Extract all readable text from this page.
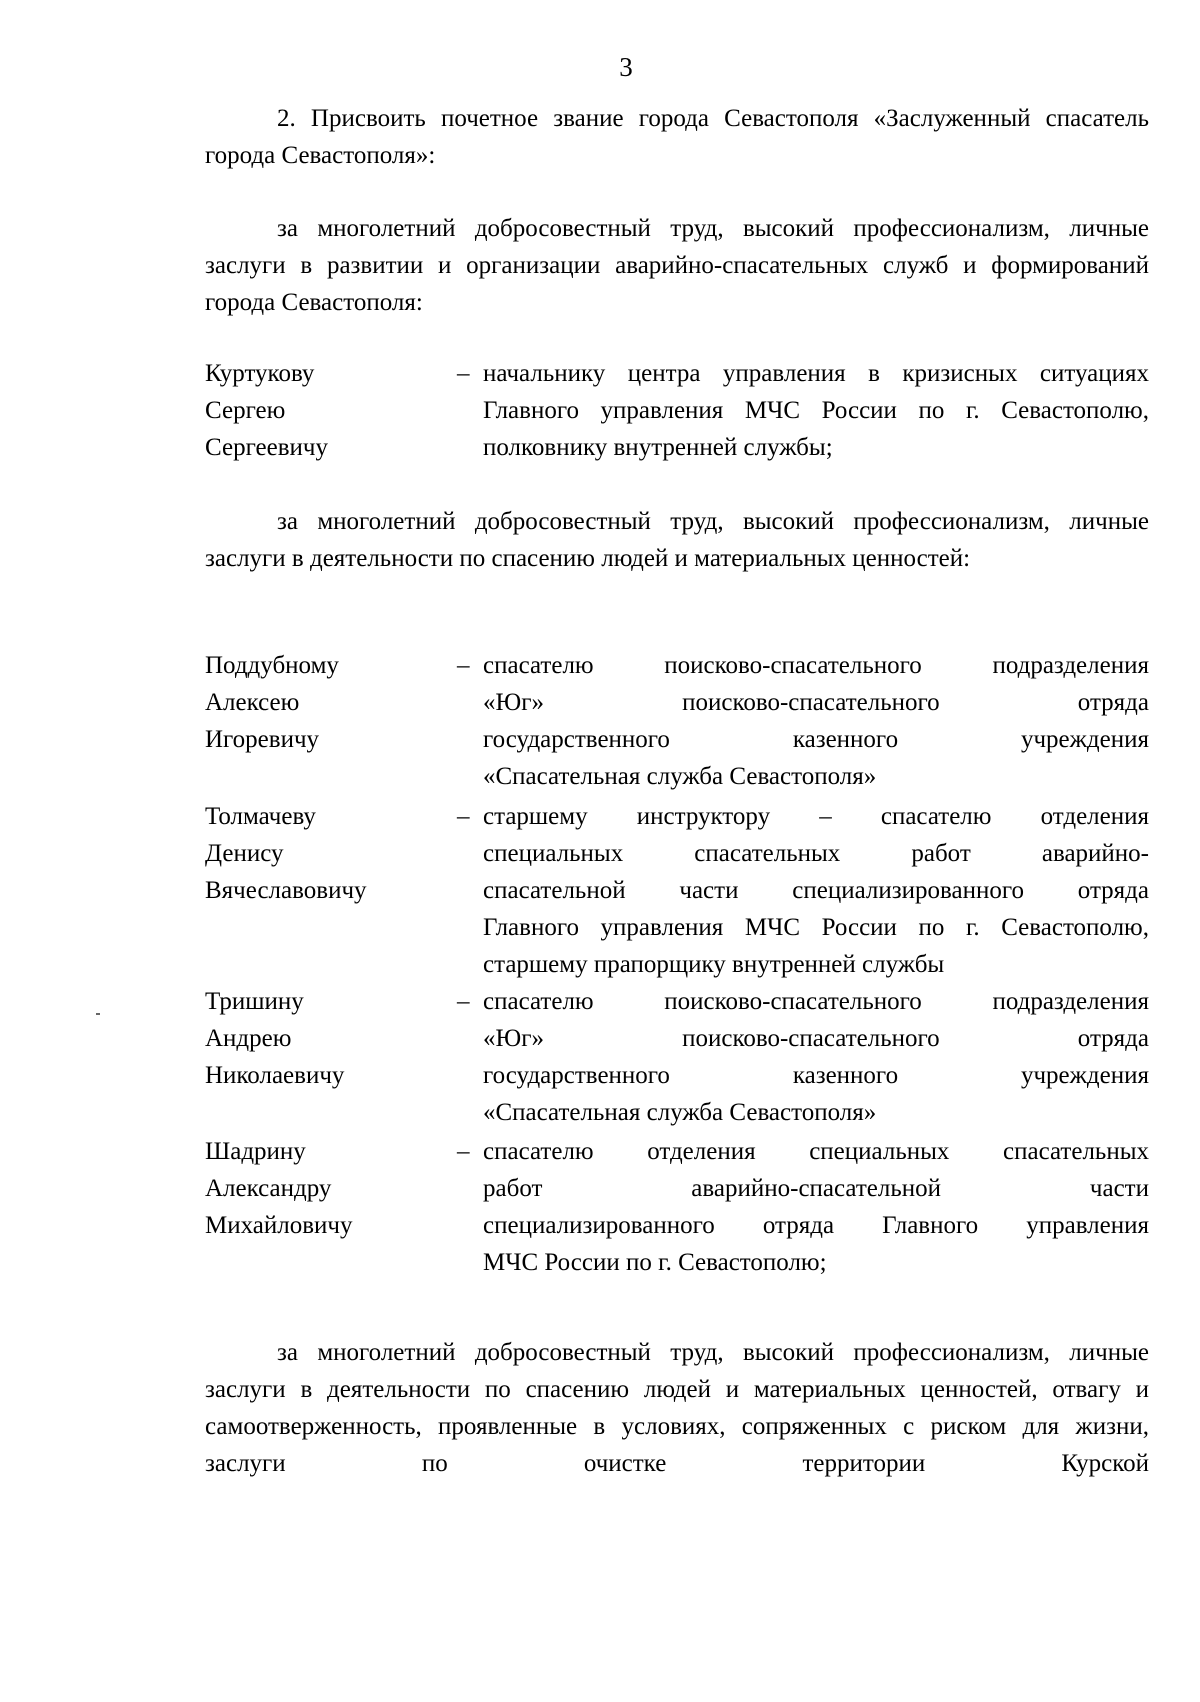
3

2. Присвоить почетное звание города Севастополя «Заслуженный спасатель города Севастополя»:

за многолетний добросовестный труд, высокий профессионализм, личные заслуги в развитии и организации аварийно-спасательных служб и формирований города Севастополя:

Куртукову
Сергею
Сергеевичу
– начальнику центра управления в кризисных ситуациях
Главного управления МЧС России по г. Севастополю,
полковнику внутренней службы;

за многолетний добросовестный труд, высокий профессионализм, личные заслуги в деятельности по спасению людей и материальных ценностей:

Поддубному
Алексею
Игоревичу
– спасателю поисково-спасательного подразделения
«Юг» поисково-спасательного отряда
государственного казенного учреждения
«Спасательная служба Севастополя»
Толмачеву
Денису
Вячеславовичу
– старшему инструктору – спасателю отделения
специальных спасательных работ аварийно-
спасательной части специализированного отряда
Главного управления МЧС России по г. Севастополю,
старшему прапорщику внутренней службы
Тришину
Андрею
Николаевичу
– спасателю поисково-спасательного подразделения
«Юг» поисково-спасательного отряда
государственного казенного учреждения
«Спасательная служба Севастополя»
Шадрину
Александру
Михайловичу
– спасателю отделения специальных спасательных
работ аварийно-спасательной части
специализированного отряда Главного управления
МЧС России по г. Севастополю;

за многолетний добросовестный труд, высокий профессионализм, личные заслуги в деятельности по спасению людей и материальных ценностей, отвагу и самоотверженность, проявленные в условиях, сопряженных с риском для жизни, заслуги по очистке территории Курской
